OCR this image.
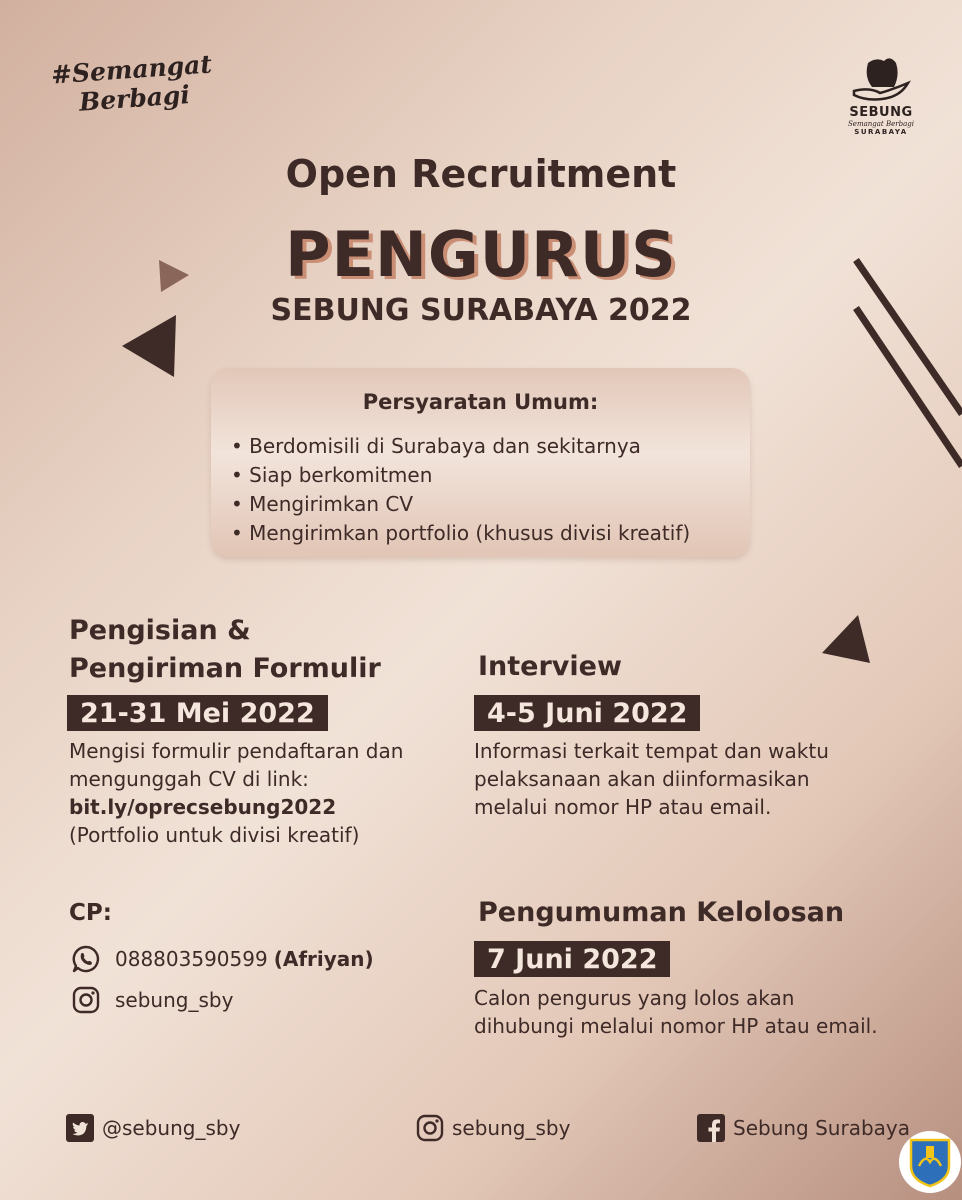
#Semangat
Berbagi	SEBUNG
Semangat Berbagi
SURABAYA
Open Recruitment
PENGURUS
SEBUNG SURABAYA 2022
Persyaratan Umum:
• Berdomisili di Surabaya dan sekitarnya
• Siap berkomitmen
• Mengirimkan CV
• Mengirimkan portfolio (khusus divisi kreatif)
Pengisian &
Pengiriman Formulir
21-31 Mei 2022
Mengisi formulir pendaftaran dan
mengunggah CV di link:
bit.ly/oprecsebung2022
(Portfolio untuk divisi kreatif)
Interview
4-5 Juni 2022
Informasi terkait tempat dan waktu
pelaksanaan akan diinformasikan
melalui nomor HP atau email.
Pengumuman Kelolosan
7 Juni 2022
Calon pengurus yang lolos akan
dihubungi melalui nomor HP atau email.
CP:
088803590599 (Afriyan)
sebung_sby
@sebung_sby	sebung_sby	Sebung Surabaya
